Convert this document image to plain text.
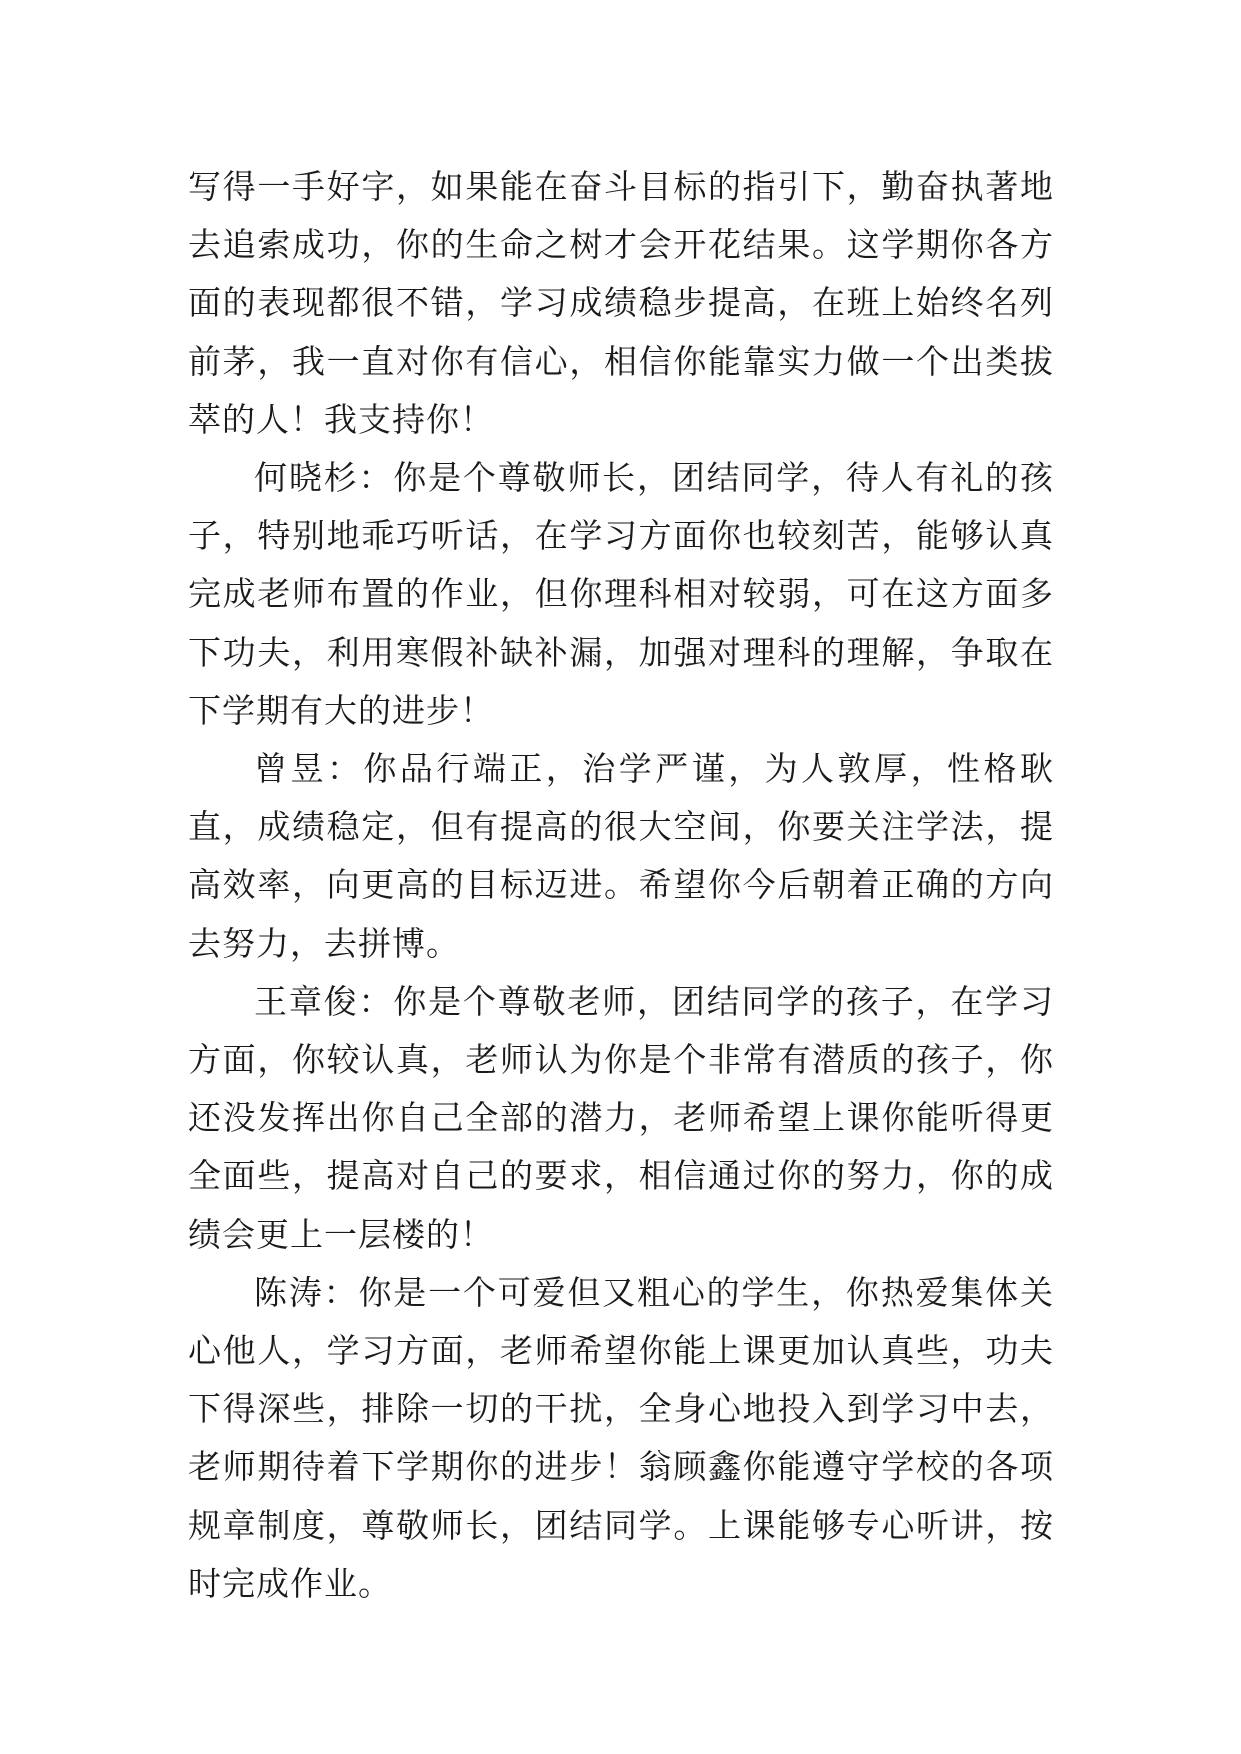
写得一手好字，如果能在奋斗目标的指引下，勤奋执著地去追索成功，你的生命之树才会开花结果。这学期你各方面的表现都很不错，学习成绩稳步提高，在班上始终名列前茅，我一直对你有信心，相信你能靠实力做一个出类拔萃的人！我支持你！

何晓杉：你是个尊敬师长，团结同学，待人有礼的孩子，特别地乖巧听话，在学习方面你也较刻苦，能够认真完成老师布置的作业，但你理科相对较弱，可在这方面多下功夫，利用寒假补缺补漏，加强对理科的理解，争取在下学期有大的进步！

曾昱：你品行端正，治学严谨，为人敦厚，性格耿直，成绩稳定，但有提高的很大空间，你要关注学法，提高效率，向更高的目标迈进。希望你今后朝着正确的方向去努力，去拼博。

王章俊：你是个尊敬老师，团结同学的孩子，在学习方面，你较认真，老师认为你是个非常有潜质的孩子，你还没发挥出你自己全部的潜力，老师希望上课你能听得更全面些，提高对自己的要求，相信通过你的努力，你的成绩会更上一层楼的！

陈涛：你是一个可爱但又粗心的学生，你热爱集体关心他人，学习方面，老师希望你能上课更加认真些，功夫下得深些，排除一切的干扰，全身心地投入到学习中去，老师期待着下学期你的进步！翁顾鑫你能遵守学校的各项规章制度，尊敬师长，团结同学。上课能够专心听讲，按时完成作业。
